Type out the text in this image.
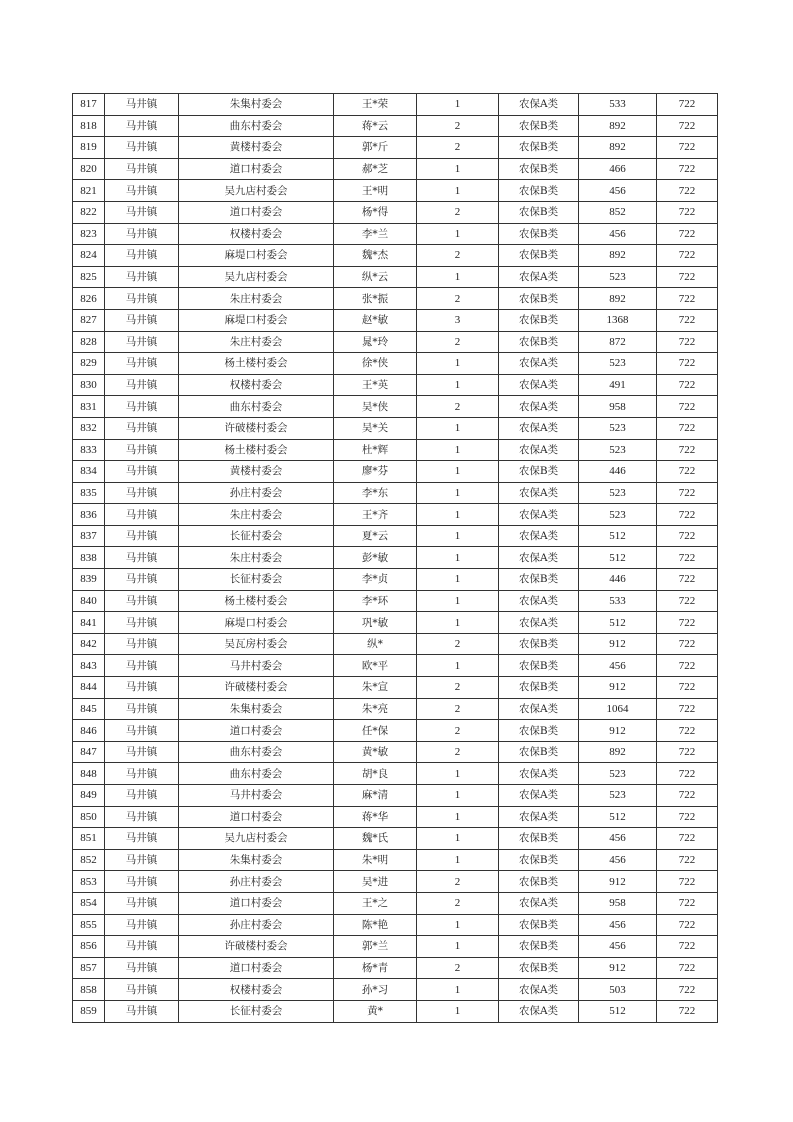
817	马井镇	朱集村委会	王*荣	1	农保A类	533	722
818	马井镇	曲东村委会	蒋*云	2	农保B类	892	722
819	马井镇	黄楼村委会	郭*斤	2	农保B类	892	722
820	马井镇	道口村委会	郝*芝	1	农保B类	466	722
821	马井镇	吴九店村委会	王*明	1	农保B类	456	722
822	马井镇	道口村委会	杨*得	2	农保B类	852	722
823	马井镇	权楼村委会	李*兰	1	农保B类	456	722
824	马井镇	麻堤口村委会	魏*杰	2	农保B类	892	722
825	马井镇	吴九店村委会	纵*云	1	农保A类	523	722
826	马井镇	朱庄村委会	张*振	2	农保B类	892	722
827	马井镇	麻堤口村委会	赵*敏	3	农保B类	1368	722
828	马井镇	朱庄村委会	晁*玲	2	农保B类	872	722
829	马井镇	杨土楼村委会	徐*侠	1	农保A类	523	722
830	马井镇	权楼村委会	王*英	1	农保A类	491	722
831	马井镇	曲东村委会	吴*侠	2	农保A类	958	722
832	马井镇	许破楼村委会	吴*关	1	农保A类	523	722
833	马井镇	杨土楼村委会	杜*辉	1	农保A类	523	722
834	马井镇	黄楼村委会	廖*芬	1	农保B类	446	722
835	马井镇	孙庄村委会	李*东	1	农保A类	523	722
836	马井镇	朱庄村委会	王*齐	1	农保A类	523	722
837	马井镇	长征村委会	夏*云	1	农保A类	512	722
838	马井镇	朱庄村委会	彭*敏	1	农保A类	512	722
839	马井镇	长征村委会	李*贞	1	农保B类	446	722
840	马井镇	杨土楼村委会	李*环	1	农保A类	533	722
841	马井镇	麻堤口村委会	巩*敏	1	农保A类	512	722
842	马井镇	吴瓦房村委会	纵*	2	农保B类	912	722
843	马井镇	马井村委会	欧*平	1	农保B类	456	722
844	马井镇	许破楼村委会	朱*宣	2	农保B类	912	722
845	马井镇	朱集村委会	朱*亮	2	农保A类	1064	722
846	马井镇	道口村委会	任*保	2	农保B类	912	722
847	马井镇	曲东村委会	黄*敏	2	农保B类	892	722
848	马井镇	曲东村委会	胡*良	1	农保A类	523	722
849	马井镇	马井村委会	麻*清	1	农保A类	523	722
850	马井镇	道口村委会	蒋*华	1	农保A类	512	722
851	马井镇	吴九店村委会	魏*氏	1	农保B类	456	722
852	马井镇	朱集村委会	朱*明	1	农保B类	456	722
853	马井镇	孙庄村委会	吴*进	2	农保B类	912	722
854	马井镇	道口村委会	王*之	2	农保A类	958	722
855	马井镇	孙庄村委会	陈*艳	1	农保B类	456	722
856	马井镇	许破楼村委会	郭*兰	1	农保B类	456	722
857	马井镇	道口村委会	杨*青	2	农保B类	912	722
858	马井镇	权楼村委会	孙*习	1	农保A类	503	722
859	马井镇	长征村委会	黄*	1	农保A类	512	722
